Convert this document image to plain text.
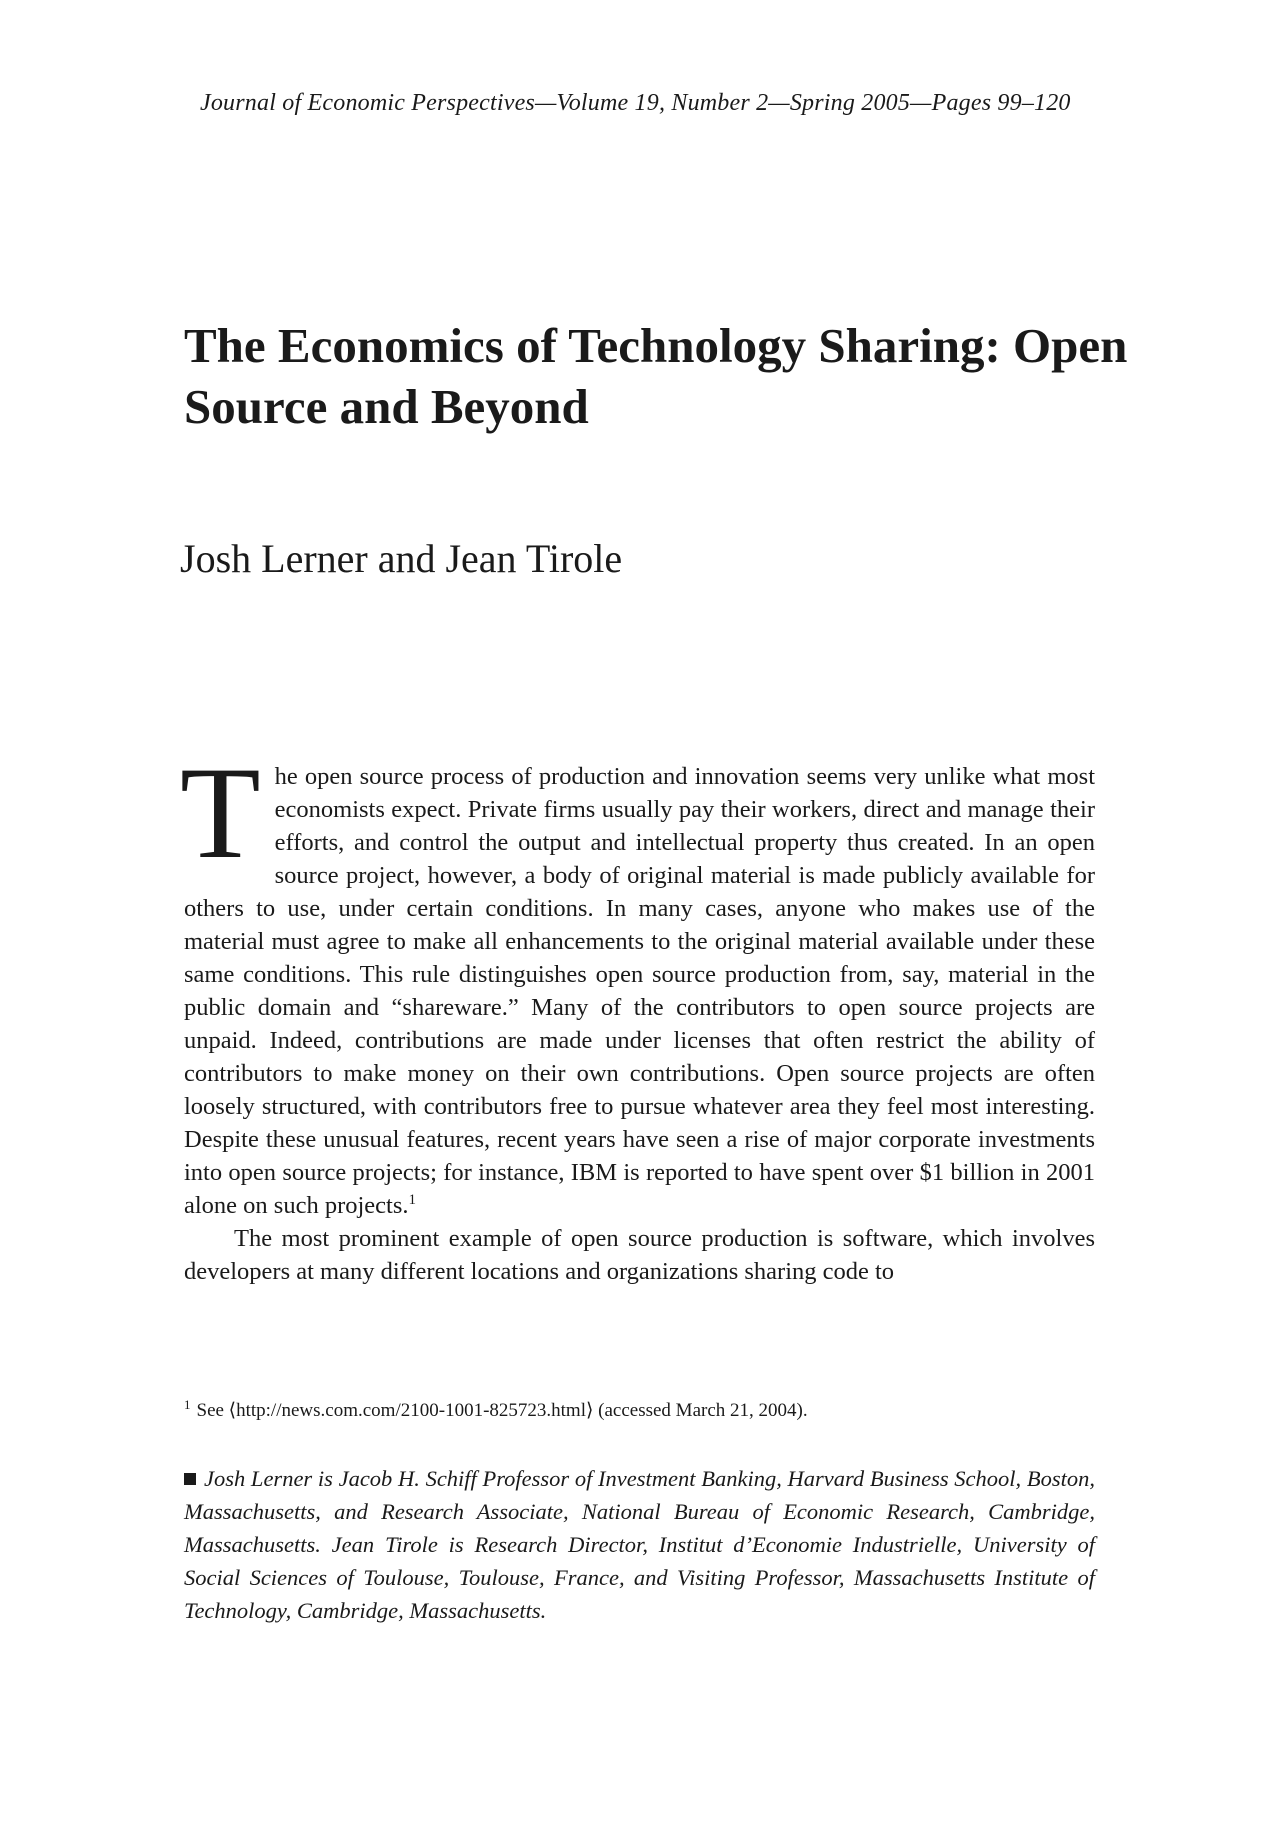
Journal of Economic Perspectives—Volume 19, Number 2—Spring 2005—Pages 99–120
The Economics of Technology Sharing: Open Source and Beyond
Josh Lerner and Jean Tirole

The open source process of production and innovation seems very unlike what most economists expect. Private firms usually pay their workers, direct and manage their efforts, and control the output and intellectual property thus created. In an open source project, however, a body of original material is made publicly available for others to use, under certain conditions. In many cases, anyone who makes use of the material must agree to make all enhancements to the original material available under these same conditions. This rule distinguishes open source production from, say, material in the public domain and “shareware.” Many of the contributors to open source projects are unpaid. Indeed, contributions are made under licenses that often restrict the ability of contributors to make money on their own contributions. Open source projects are often loosely structured, with contributors free to pursue whatever area they feel most interesting. Despite these unusual features, recent years have seen a rise of major corporate investments into open source projects; for instance, IBM is reported to have spent over $1 billion in 2001 alone on such projects.$^1$

The most prominent example of open source production is software, which involves developers at many different locations and organizations sharing code to

$^1$ See ⟨http://news.com.com/2100-1001-825723.html⟩ (accessed March 21, 2004).
Josh Lerner is Jacob H. Schiff Professor of Investment Banking, Harvard Business School, Boston, Massachusetts, and Research Associate, National Bureau of Economic Research, Cambridge, Massachusetts. Jean Tirole is Research Director, Institut d’Economie Industrielle, University of Social Sciences of Toulouse, Toulouse, France, and Visiting Professor, Massachusetts Institute of Technology, Cambridge, Massachusetts.
